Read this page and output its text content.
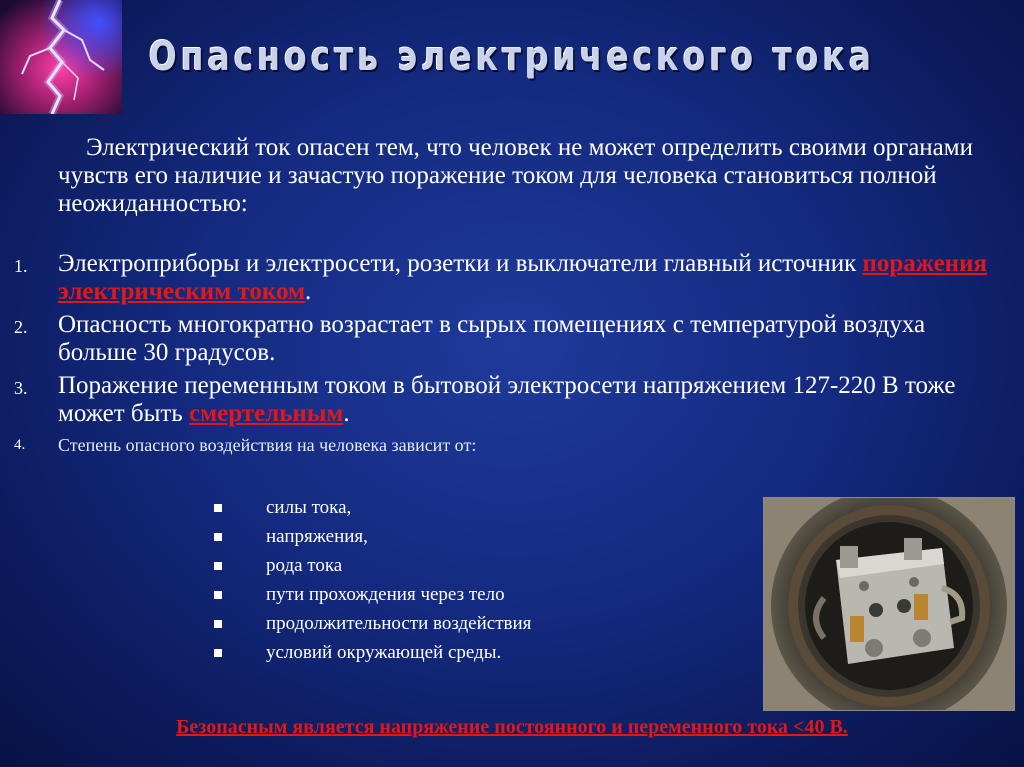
Опасность электрического тока
Электрический ток опасен тем, что человек не может определить своими органами чувств его наличие и зачастую поражение током для человека становиться полной неожиданностью:
1.	Электроприборы и электросети, розетки и выключатели главный источник поражения электрическим током.
2.	Опасность многократно возрастает в сырых помещениях с температурой воздуха больше 30 градусов.
3.	Поражение переменным током в бытовой электросети напряжением 127-220 В тоже может быть смертельным.
4.	Степень опасного воздействия на человека зависит от:
силы тока,
напряжения,
рода тока
пути прохождения через тело
продолжительности воздействия
условий окружающей среды.
Безопасным является напряжение постоянного и переменного тока <40 В.
